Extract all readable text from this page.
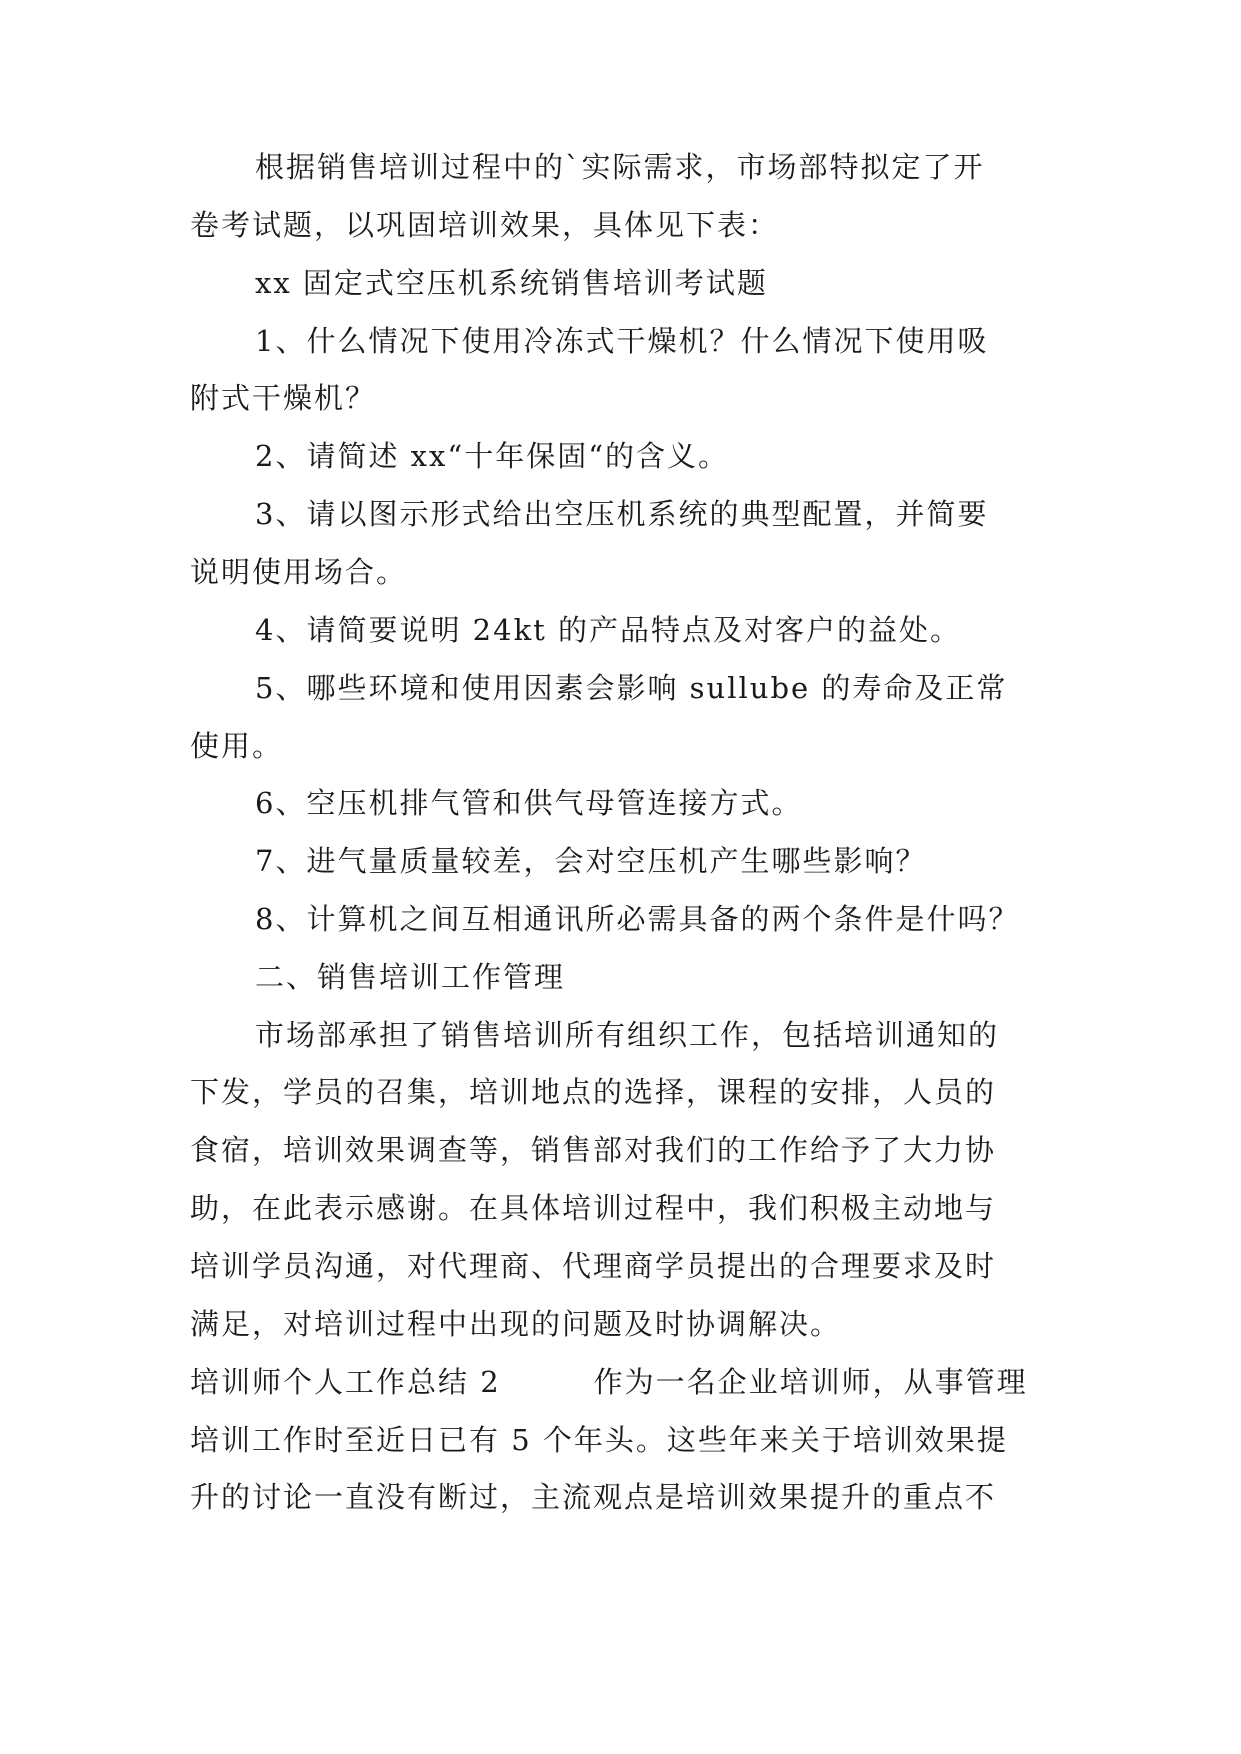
根据销售培训过程中的`实际需求，市场部特拟定了开
卷考试题，以巩固培训效果，具体见下表：
xx 固定式空压机系统销售培训考试题
1、什么情况下使用冷冻式干燥机？什么情况下使用吸
附式干燥机？
2、请简述 xx“十年保固“的含义。
3、请以图示形式给出空压机系统的典型配置，并简要
说明使用场合。
4、请简要说明 24kt 的产品特点及对客户的益处。
5、哪些环境和使用因素会影响 sullube 的寿命及正常
使用。
6、空压机排气管和供气母管连接方式。
7、进气量质量较差，会对空压机产生哪些影响？
8、计算机之间互相通讯所必需具备的两个条件是什吗？
二、销售培训工作管理
市场部承担了销售培训所有组织工作，包括培训通知的
下发，学员的召集，培训地点的选择，课程的安排，人员的
食宿，培训效果调查等，销售部对我们的工作给予了大力协
助，在此表示感谢。在具体培训过程中，我们积极主动地与
培训学员沟通，对代理商、代理商学员提出的合理要求及时
满足，对培训过程中出现的问题及时协调解决。
培训师个人工作总结 2　　　作为一名企业培训师，从事管理
培训工作时至近日已有 5 个年头。这些年来关于培训效果提
升的讨论一直没有断过，主流观点是培训效果提升的重点不
